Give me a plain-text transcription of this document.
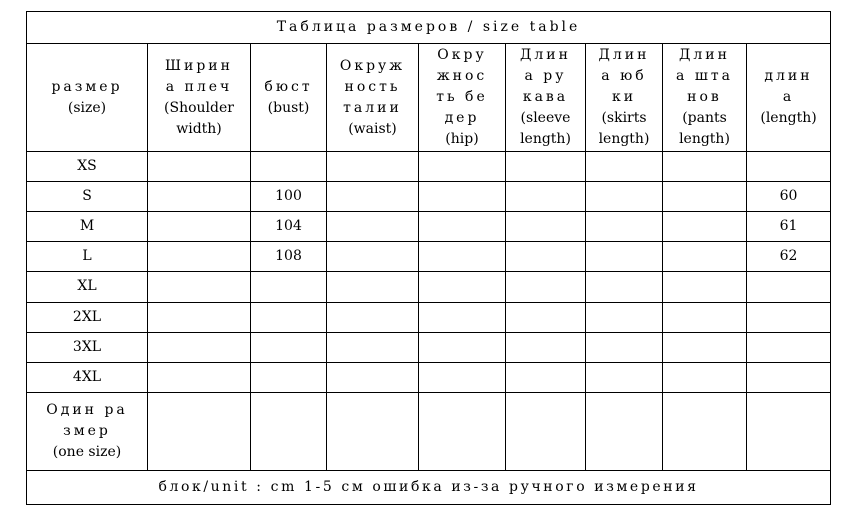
Таблица размеров / size table								

размер
(size)	Ширин
а плеч
(Shoulder
width)	бюст
(bust)	Окруж
ность
талии
(waist)	Окру
жнос
ть бе
дер
(hip)	Длин
а ру
кава
(sleeve
length)	Длин
а юб
ки
(skirts
length)	Длин
а шта
нов
(pants
length)	длин
а
(length)

XS								
S		100						60
M		104						61
L		108						62
XL								
2XL								
3XL								
4XL								

Один ра
змер
(one size)								

блок/unit : cm 1-5 см ошибка из-за ручного измерения								
